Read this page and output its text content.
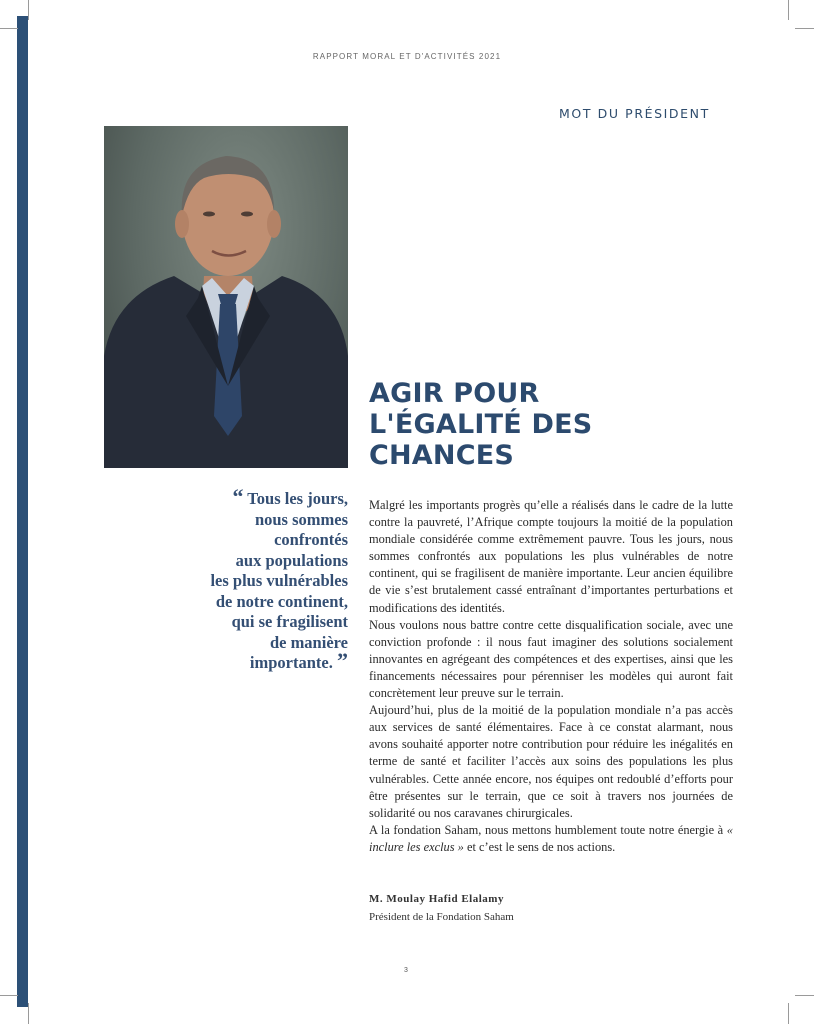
RAPPORT MORAL ET D'ACTIVITÉS 2021
MOT DU PRÉSIDENT
AGIR POUR
L'ÉGALITÉ DES
CHANCES
“ Tous les jours,
nous sommes
confrontés
aux populations
les plus vulnérables
de notre continent,
qui se fragilisent
de manière
importante. ”

Malgré les importants progrès qu’elle a réalisés dans le cadre de la lutte contre la pauvreté, l’Afrique compte toujours la moitié de la population mondiale considérée comme extrêmement pauvre. Tous les jours, nous sommes confrontés aux populations les plus vulnérables de notre continent, qui se fragilisent de manière importante. Leur ancien équilibre de vie s’est brutalement cassé entraînant d’importantes perturbations et modifications des identités.

Nous voulons nous battre contre cette disqualification sociale, avec une conviction profonde : il nous faut imaginer des solutions socialement innovantes en agrégeant des compétences et des expertises, ainsi que les financements nécessaires pour pérenniser les modèles qui auront fait concrètement leur preuve sur le terrain.

Aujourd’hui, plus de la moitié de la population mondiale n’a pas accès aux services de santé élémentaires. Face à ce constat alarmant, nous avons souhaité apporter notre contribution pour réduire les inégalités en terme de santé et faciliter l’accès aux soins des populations les plus vulnérables. Cette année encore, nos équipes ont redoublé d’efforts pour être présentes sur le terrain, que ce soit à travers nos journées de solidarité ou nos caravanes chirurgicales.

A la fondation Saham, nous mettons humblement toute notre énergie à « inclure les exclus » et c’est le sens de nos actions.

M. Moulay Hafid Elalamy
Président de la Fondation Saham
3
